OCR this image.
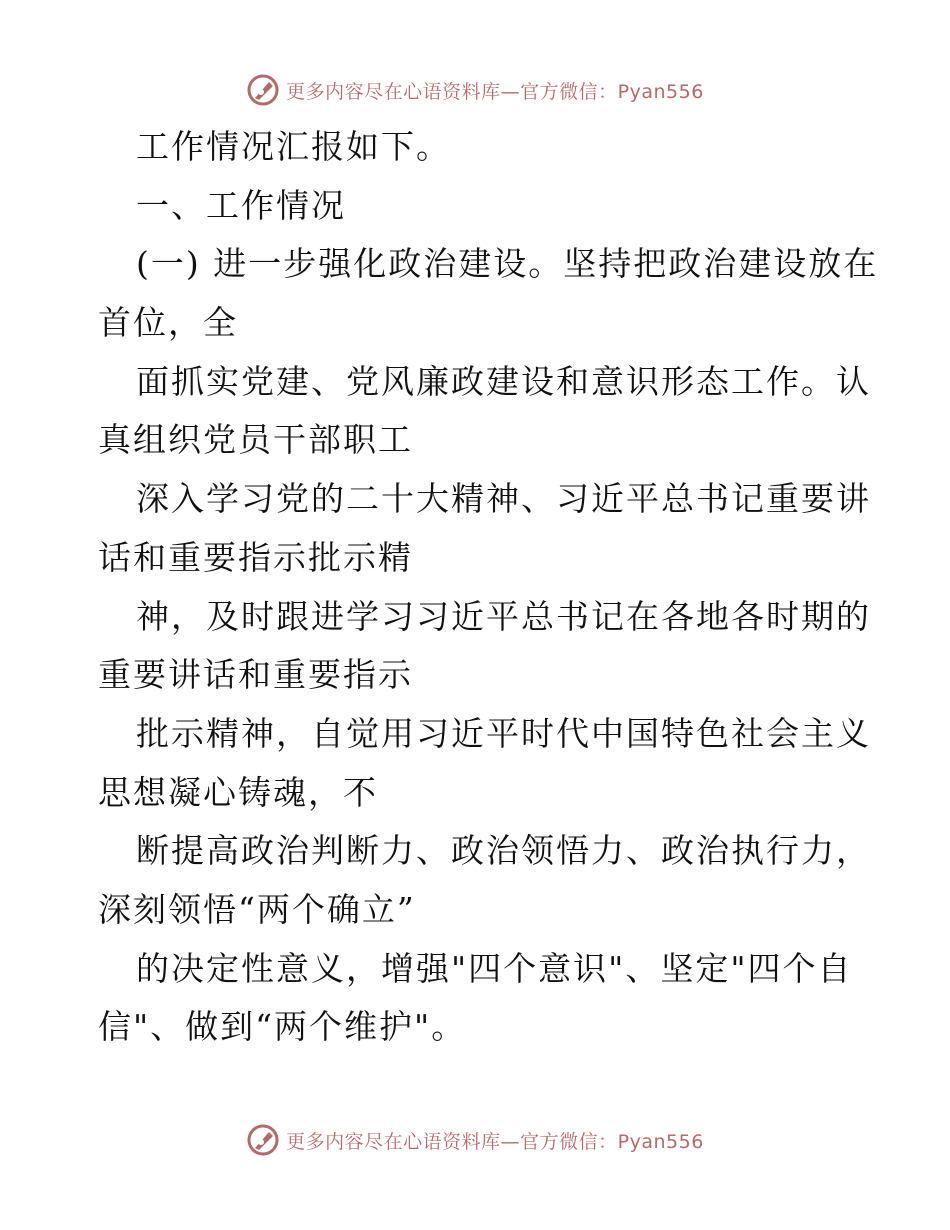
更多内容尽在心语资料库—官方微信：Pyan556
工作情况汇报如下。
一、工作情况
(一) 进一步强化政治建设。坚持把政治建设放在
首位，全
面抓实党建、党风廉政建设和意识形态工作。认
真组织党员干部职工
深入学习党的二十大精神、习近平总书记重要讲
话和重要指示批示精
神，及时跟进学习习近平总书记在各地各时期的
重要讲话和重要指示
批示精神，自觉用习近平时代中国特色社会主义
思想凝心铸魂，不
断提高政治判断力、政治领悟力、政治执行力，
深刻领悟“两个确立”
的决定性意义，增强"四个意识"、坚定"四个自
信"、做到“两个维护"。
更多内容尽在心语资料库—官方微信：Pyan556
